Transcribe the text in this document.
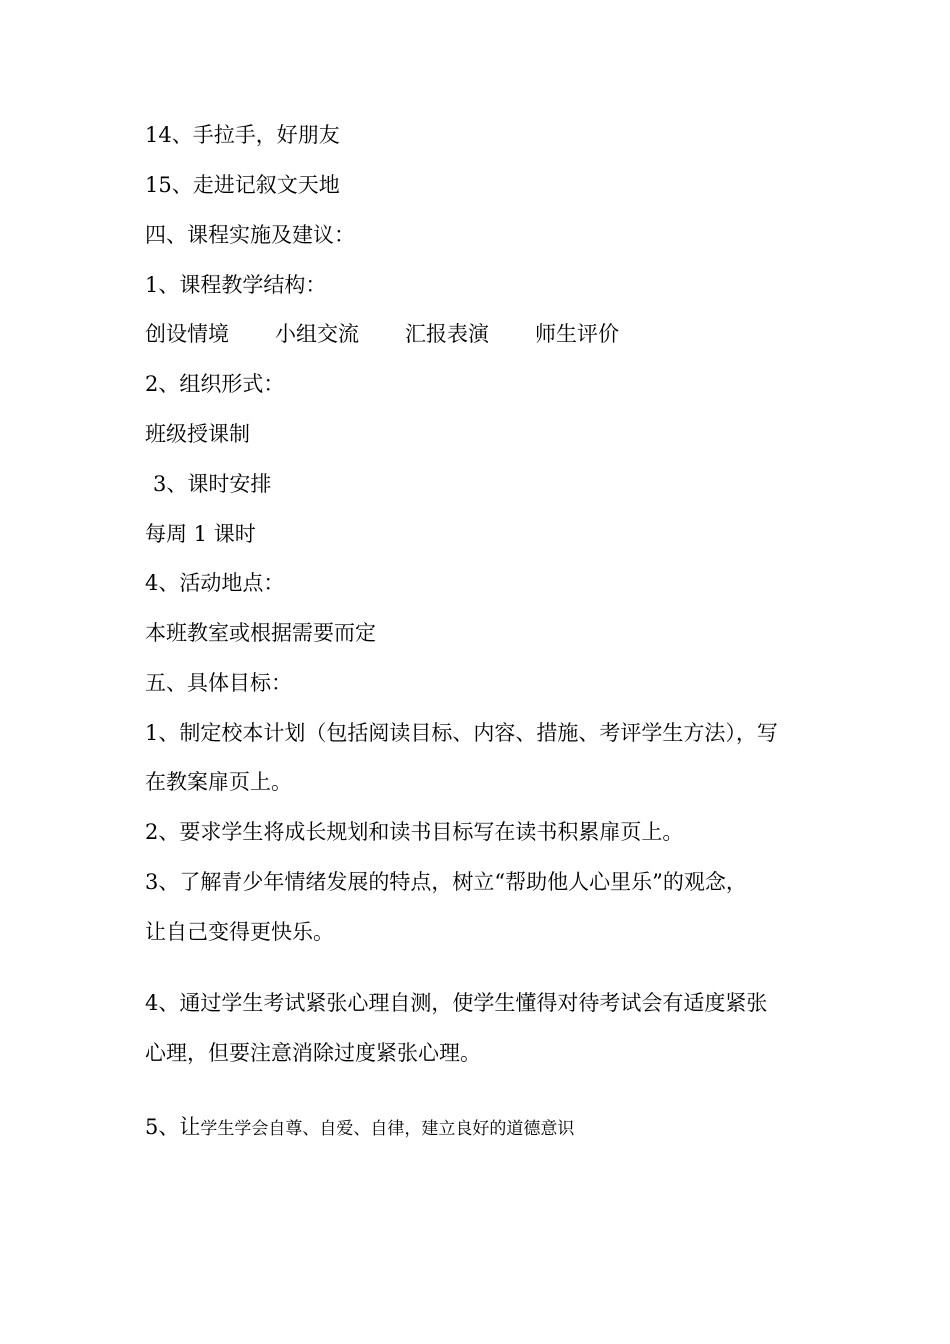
14、手拉手，好朋友
15、走进记叙文天地
四、课程实施及建议：
1、课程教学结构：
创设情境 小组交流 汇报表演 师生评价
2、组织形式：
班级授课制
3、课时安排
每周 1 课时
4、活动地点：
本班教室或根据需要而定
五、具体目标：
1、制定校本计划（包括阅读目标、内容、措施、考评学生方法），写
在教案扉页上。
2、要求学生将成长规划和读书目标写在读书积累扉页上。
3、了解青少年情绪发展的特点，树立“帮助他人心里乐”的观念，
让自己变得更快乐。
4、通过学生考试紧张心理自测，使学生懂得对待考试会有适度紧张
心理，但要注意消除过度紧张心理。
5、让学生学会自尊、自爱、自律，建立良好的道德意识
